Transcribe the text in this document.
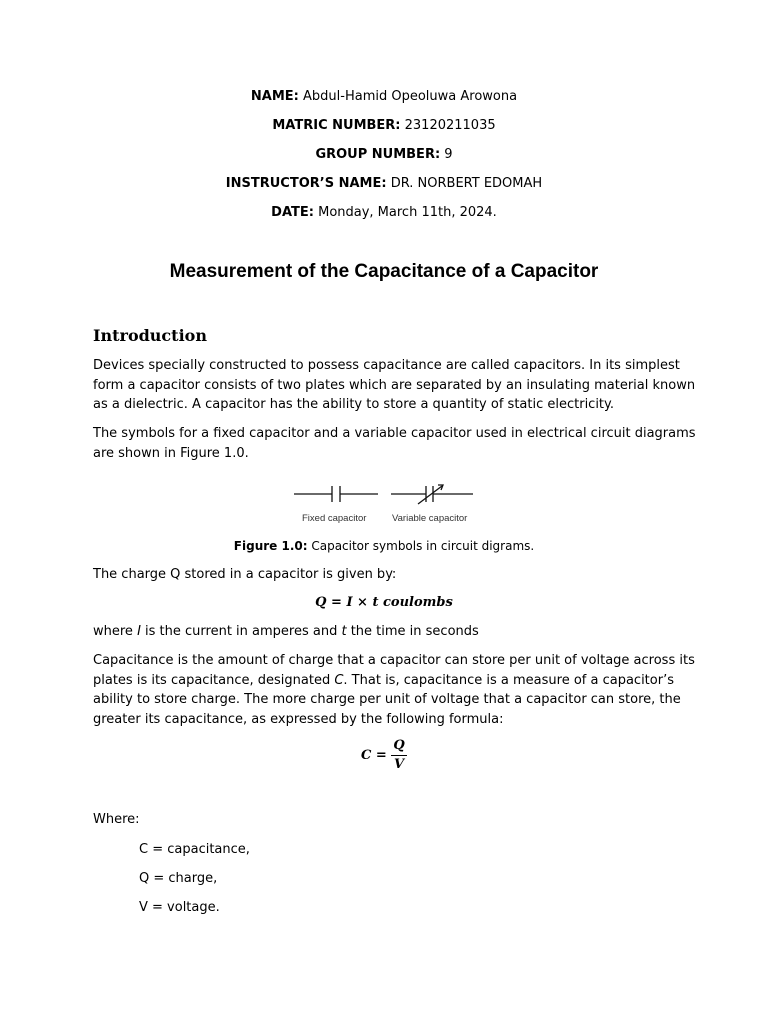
NAME: Abdul-Hamid Opeoluwa Arowona
MATRIC NUMBER: 23120211035
GROUP NUMBER: 9
INSTRUCTOR’S NAME: DR. NORBERT EDOMAH
DATE: Monday, March 11th, 2024.
Measurement of the Capacitance of a Capacitor
Introduction
Devices specially constructed to possess capacitance are called capacitors. In its simplest
form a capacitor consists of two plates which are separated by an insulating material known
as a dielectric. A capacitor has the ability to store a quantity of static electricity.
The symbols for a fixed capacitor and a variable capacitor used in electrical circuit diagrams
are shown in Figure 1.0.
Fixed capacitor	Variable capacitor
Figure 1.0: Capacitor symbols in circuit digrams.
The charge Q stored in a capacitor is given by:
Q = I × t coulombs
where I is the current in amperes and t the time in seconds
Capacitance is the amount of charge that a capacitor can store per unit of voltage across its
plates is its capacitance, designated C. That is, capacitance is a measure of a capacitor’s
ability to store charge. The more charge per unit of voltage that a capacitor can store, the
greater its capacitance, as expressed by the following formula:
C =
Q
V
Where:
C = capacitance,
Q = charge,
V = voltage.
